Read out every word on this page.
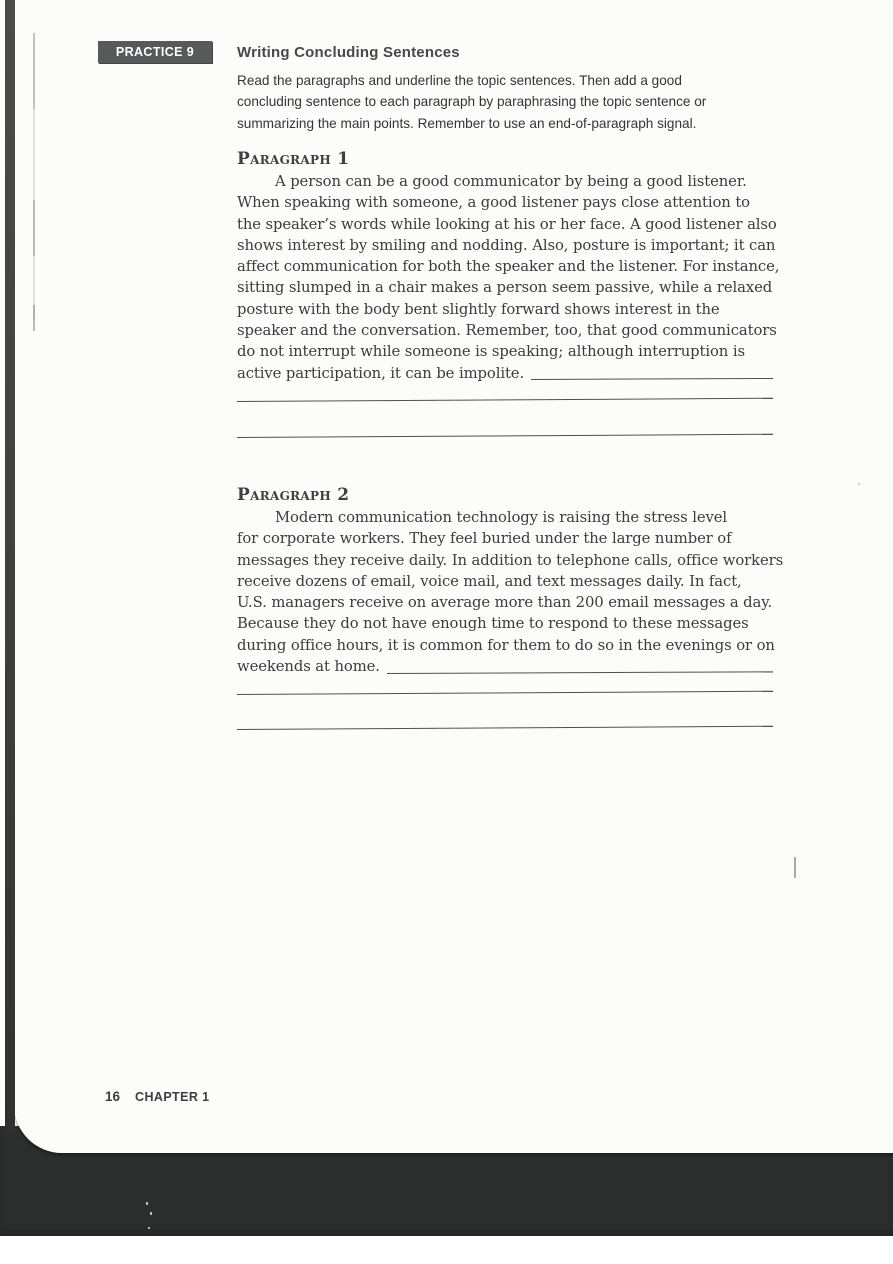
PRACTICE 9	Writing Concluding Sentences
Read the paragraphs and underline the topic sentences. Then add a good
concluding sentence to each paragraph by paraphrasing the topic sentence or
summarizing the main points. Remember to use an end-of-paragraph signal.
Paragraph 1
A person can be a good communicator by being a good listener.
When speaking with someone, a good listener pays close attention to
the speaker’s words while looking at his or her face. A good listener also
shows interest by smiling and nodding. Also, posture is important; it can
affect communication for both the speaker and the listener. For instance,
sitting slumped in a chair makes a person seem passive, while a relaxed
posture with the body bent slightly forward shows interest in the
speaker and the conversation. Remember, too, that good communicators
do not interrupt while someone is speaking; although interruption is
active participation, it can be impolite.
Paragraph 2
Modern communication technology is raising the stress level
for corporate workers. They feel buried under the large number of
messages they receive daily. In addition to telephone calls, office workers
receive dozens of email, voice mail, and text messages daily. In fact,
U.S. managers receive on average more than 200 email messages a day.
Because they do not have enough time to respond to these messages
during office hours, it is common for them to do so in the evenings or on
weekends at home.
16 CHAPTER 1
`
